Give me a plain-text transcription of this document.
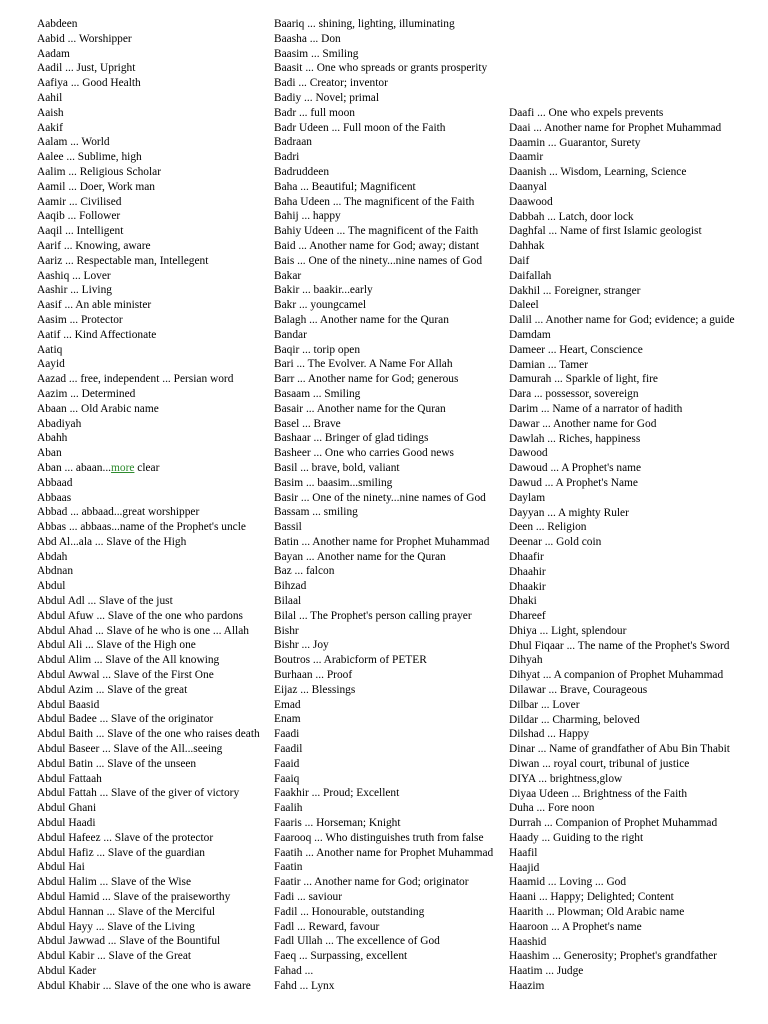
Aabdeen
Aabid ... Worshipper
Aadam
Aadil ... Just, Upright
Aafiya ... Good Health
Aahil
Aaish
Aakif
Aalam ... World
Aalee ... Sublime, high
Aalim ... Religious Scholar
Aamil ... Doer, Work man
Aamir ... Civilised
Aaqib ... Follower
Aaqil ... Intelligent
Aarif ... Knowing, aware
Aariz ... Respectable man, Intellegent
Aashiq ... Lover
Aashir ... Living
Aasif ... An able minister
Aasim ... Protector
Aatif ... Kind Affectionate
Aatiq
Aayid
Aazad ... free, independent ... Persian word
Aazim ... Determined
Abaan ... Old Arabic name
Abadiyah
Abahh
Aban
Aban ... abaan...more clear
Abbaad
Abbaas
Abbad ... abbaad...great worshipper
Abbas ... abbaas...name of the Prophet's uncle
Abd Al...ala ... Slave of the High
Abdah
Abdnan
Abdul
Abdul Adl ... Slave of the just
Abdul Afuw ... Slave of the one who pardons
Abdul Ahad ... Slave of he who is one ... Allah
Abdul Ali ... Slave of the High one
Abdul Alim ... Slave of the All knowing
Abdul Awwal ... Slave of the First One
Abdul Azim ... Slave of the great
Abdul Baasid
Abdul Badee ... Slave of the originator
Abdul Baith ... Slave of the one who raises death
Abdul Baseer ... Slave of the All...seeing
Abdul Batin ... Slave of the unseen
Abdul Fattaah
Abdul Fattah ... Slave of the giver of victory
Abdul Ghani
Abdul Haadi
Abdul Hafeez ... Slave of the protector
Abdul Hafiz ... Slave of the guardian
Abdul Hai
Abdul Halim ... Slave of the Wise
Abdul Hamid ... Slave of the praiseworthy
Abdul Hannan ... Slave of the Merciful
Abdul Hayy ... Slave of the Living
Abdul Jawwad ... Slave of the Bountiful
Abdul Kabir ... Slave of the Great
Abdul Kader
Abdul Khabir ... Slave of the one who is aware
Baariq ... shining, lighting, illuminating
Baasha ... Don
Baasim ... Smiling
Baasit ... One who spreads or grants prosperity
Badi ... Creator; inventor
Badiy ... Novel; primal
Badr ... full moon
Badr Udeen ... Full moon of the Faith
Badraan
Badri
Badruddeen
Baha ... Beautiful; Magnificent
Baha Udeen ... The magnificent of the Faith
Bahij ... happy
Bahiy Udeen ... The magnificent of the Faith
Baid ... Another name for God; away; distant
Bais ... One of the ninety...nine names of God
Bakar
Bakir ... baakir...early
Bakr ... youngcamel
Balagh ... Another name for the Quran
Bandar
Baqir ... torip open
Bari ... The Evolver. A Name For Allah
Barr ... Another name for God; generous
Basaam ... Smiling
Basair ... Another name for the Quran
Basel ... Brave
Bashaar ... Bringer of glad tidings
Basheer ... One who carries Good news
Basil ... brave, bold, valiant
Basim ... baasim...smiling
Basir ... One of the ninety...nine names of God
Bassam ... smiling
Bassil
Batin ... Another name for Prophet Muhammad
Bayan ... Another name for the Quran
Baz ... falcon
Bihzad
Bilaal
Bilal ... The Prophet's person calling prayer
Bishr
Bishr ... Joy
Boutros ... Arabicform of PETER
Burhaan ... Proof
Eijaz ... Blessings
Emad
Enam
Faadi
Faadil
Faaid
Faaiq
Faakhir ... Proud; Excellent
Faalih
Faaris ... Horseman; Knight
Faarooq ... Who distinguishes truth from false
Faatih ... Another name for Prophet Muhammad
Faatin
Faatir ... Another name for God; originator
Fadi ... saviour
Fadil ... Honourable, outstanding
Fadl ... Reward, favour
Fadl Ullah ... The excellence of God
Faeq ... Surpassing, excellent
Fahad ...
Fahd ... Lynx
Daafi ... One who expels prevents
Daai ... Another name for Prophet Muhammad
Daamin ... Guarantor, Surety
Daamir
Daanish ... Wisdom, Learning, Science
Daanyal
Daawood
Dabbah ... Latch, door lock
Daghfal ... Name of first Islamic geologist
Dahhak
Daif
Daifallah
Dakhil ... Foreigner, stranger
Daleel
Dalil ... Another name for God; evidence; a guide
Damdam
Dameer ... Heart, Conscience
Damian ... Tamer
Damurah ... Sparkle of light, fire
Dara ... possessor, sovereign
Darim ... Name of a narrator of hadith
Dawar ... Another name for God
Dawlah ... Riches, happiness
Dawood
Dawoud ... A Prophet's name
Dawud ... A Prophet's Name
Daylam
Dayyan ... A mighty Ruler
Deen ... Religion
Deenar ... Gold coin
Dhaafir
Dhaahir
Dhaakir
Dhaki
Dhareef
Dhiya ... Light, splendour
Dhul Fiqaar ... The name of the Prophet's Sword
Dihyah
Dihyat ... A companion of Prophet Muhammad
Dilawar ... Brave, Courageous
Dilbar ... Lover
Dildar ... Charming, beloved
Dilshad ... Happy
Dinar ... Name of grandfather of Abu Bin Thabit
Diwan ... royal court, tribunal of justice
DIYA ... brightness,glow
Diyaa Udeen ... Brightness of the Faith
Duha ... Fore noon
Durrah ... Companion of Prophet Muhammad
Haady ... Guiding to the right
Haafil
Haajid
Haamid ... Loving ... God
Haani ... Happy; Delighted; Content
Haarith ... Plowman; Old Arabic name
Haaroon ... A Prophet's name
Haashid
Haashim ... Generosity; Prophet's grandfather
Haatim ... Judge
Haazim
